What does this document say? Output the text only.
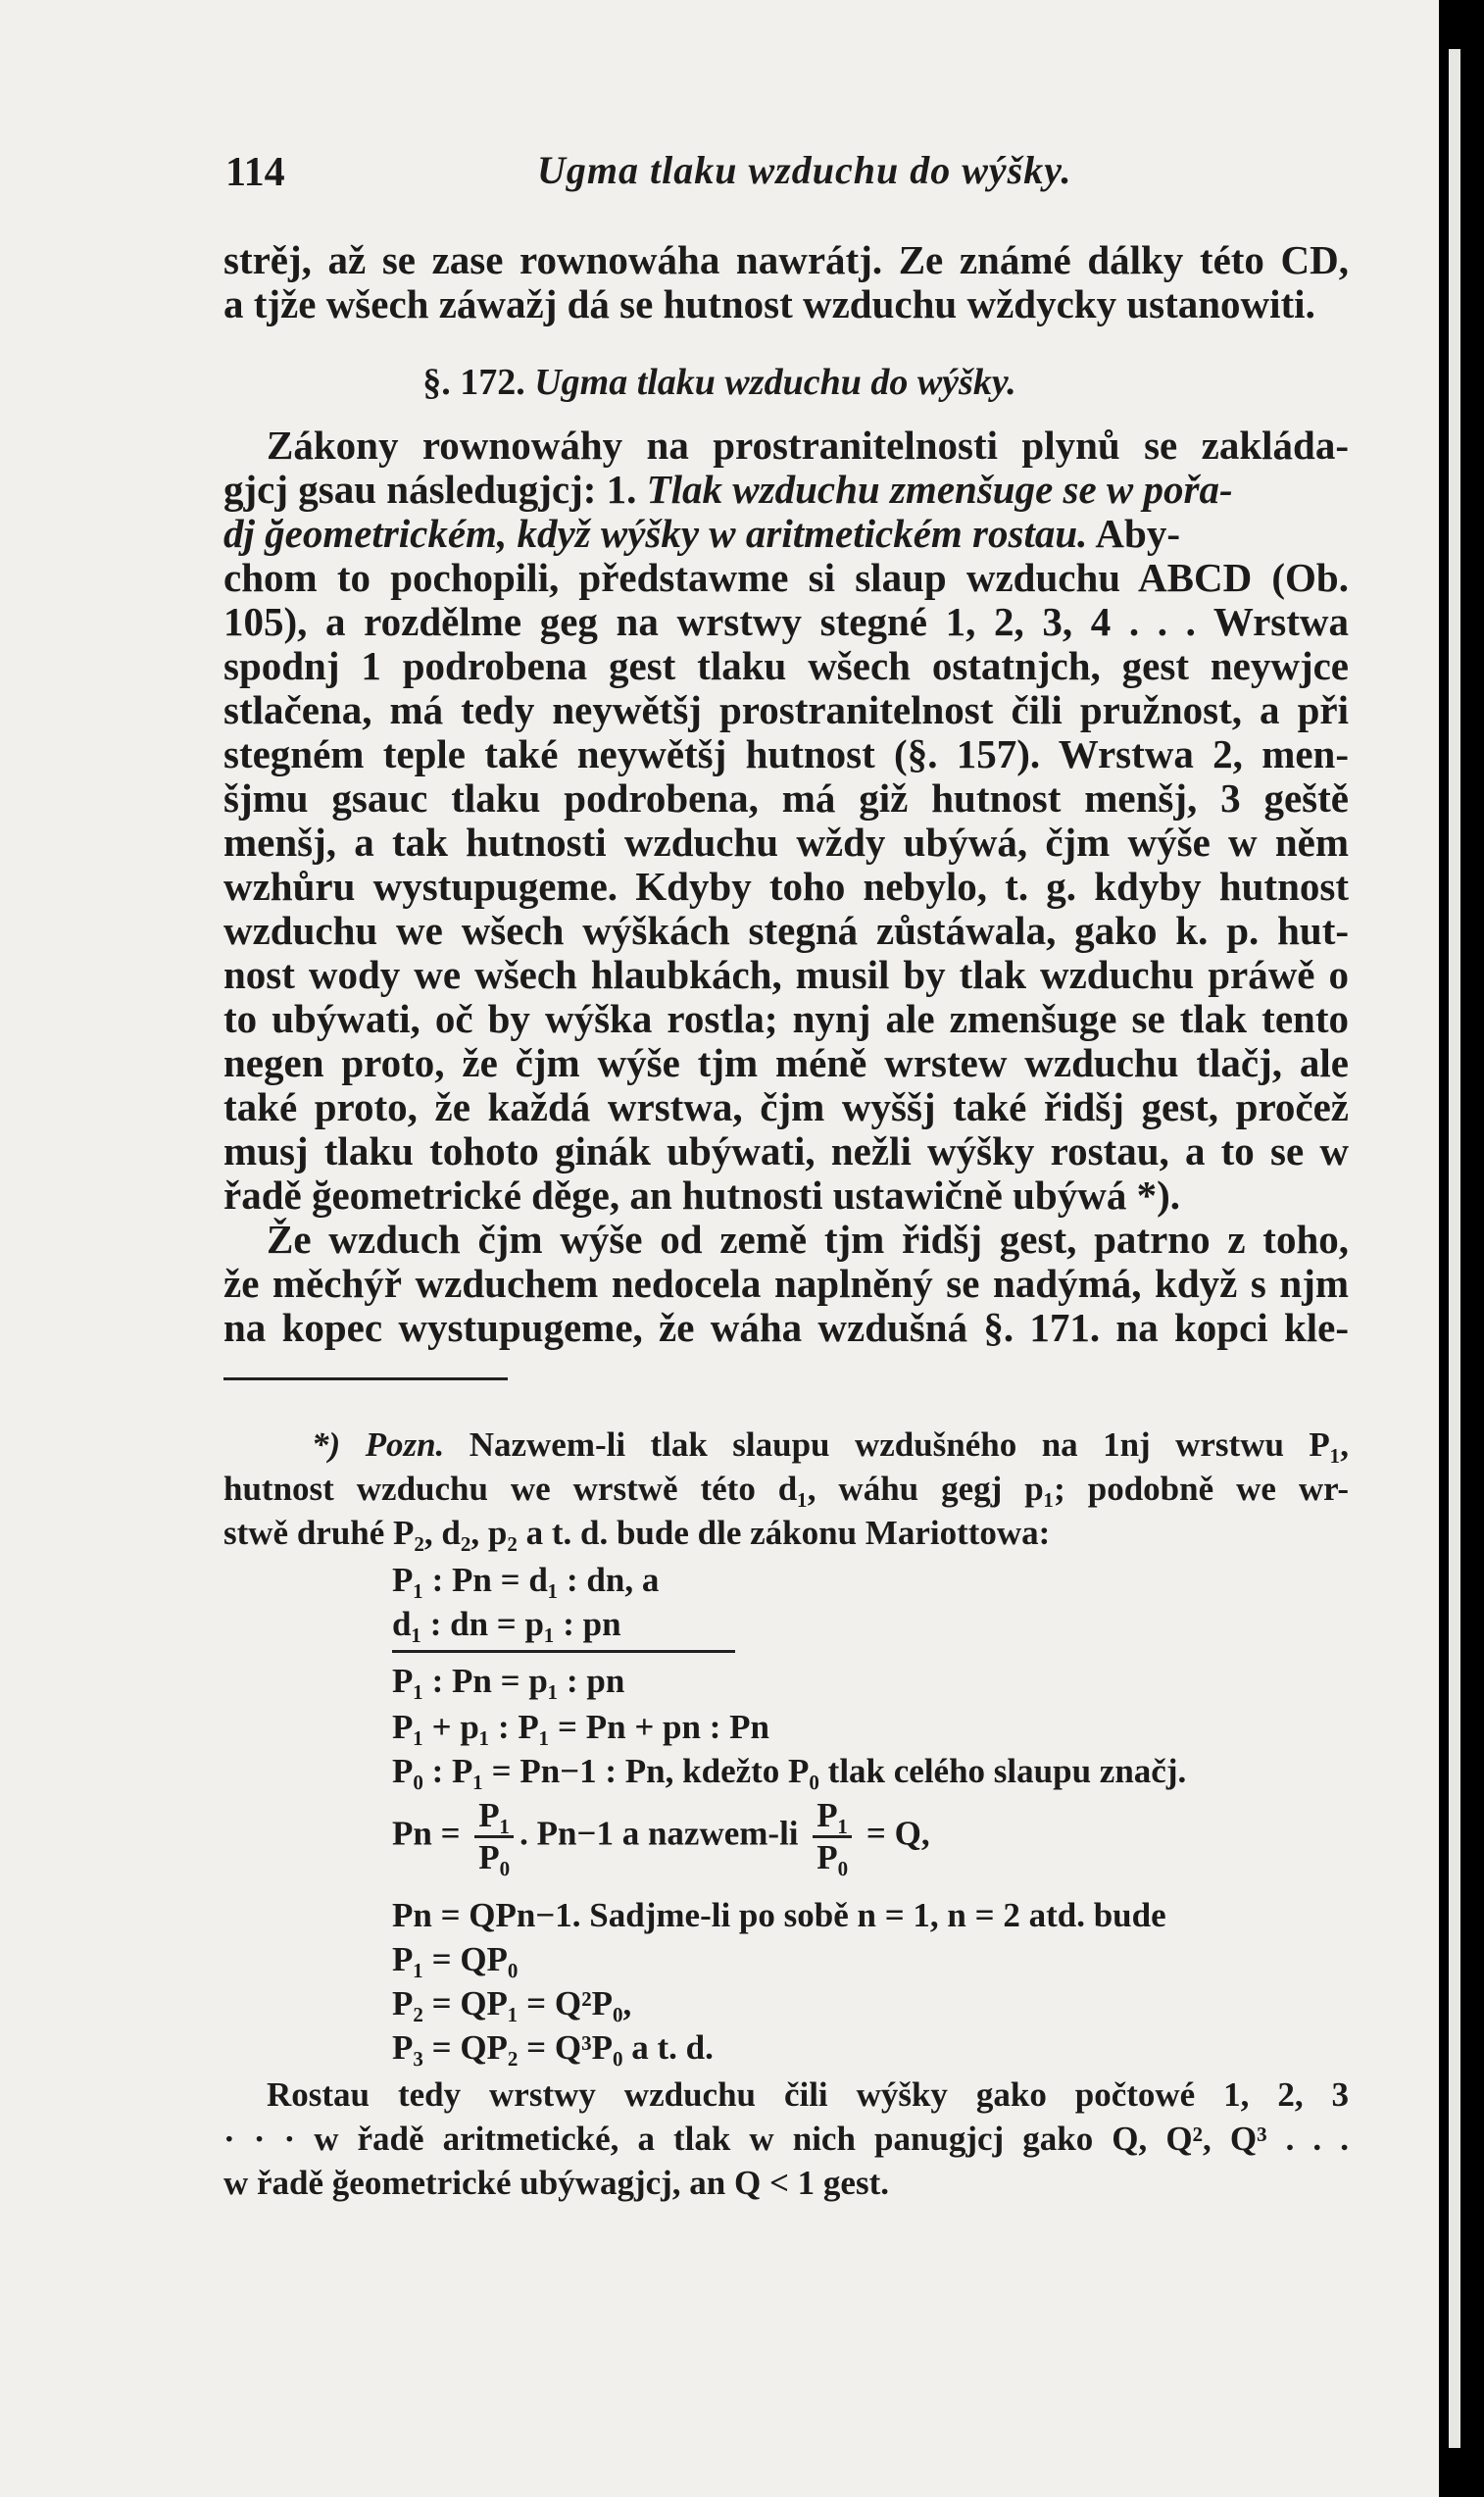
114	Ugma tlaku wzduchu do wýšky.
strěj, až se zase rownowáha nawrátj. Ze známé dálky této CD,
a tjže wšech záwažj dá se hutnost wzduchu wždycky ustanowiti.
§. 172. Ugma tlaku wzduchu do wýšky.
Zákony rownowáhy na prostranitelnosti plynů se zakláda-
gjcj gsau následugjcj: 1. Tlak wzduchu zmenšuge se w pořa-
dj ğeometrickém, když wýšky w aritmetickém rostau. Aby-
chom to pochopili, předstawme si slaup wzduchu ABCD (Ob.
105), a rozdělme geg na wrstwy stegné 1, 2, 3, 4 . . . Wrstwa
spodnj 1 podrobena gest tlaku wšech ostatnjch, gest neywjce
stlačena, má tedy neywětšj prostranitelnost čili pružnost, a při
stegném teple také neywětšj hutnost (§. 157). Wrstwa 2, men-
šjmu gsauc tlaku podrobena, má giž hutnost menšj, 3 geště
menšj, a tak hutnosti wzduchu wždy ubýwá, čjm wýše w něm
wzhůru wystupugeme. Kdyby toho nebylo, t. g. kdyby hutnost
wzduchu we wšech wýškách stegná zůstáwala, gako k. p. hut-
nost wody we wšech hlaubkách, musil by tlak wzduchu práwě o
to ubýwati, oč by wýška rostla; nynj ale zmenšuge se tlak tento
negen proto, že čjm wýše tjm méně wrstew wzduchu tlačj, ale
také proto, že každá wrstwa, čjm wyššj také řidšj gest, pročež
musj tlaku tohoto ginák ubýwati, nežli wýšky rostau, a to se w
řadě ğeometrické děge, an hutnosti ustawičně ubýwá *).
Že wzduch čjm wýše od země tjm řidšj gest, patrno z toho,
že měchýř wzduchem nedocela naplněný se nadýmá, když s njm
na kopec wystupugeme, že wáha wzdušná §. 171. na kopci kle-
*) Pozn. Nazwem-li tlak slaupu wzdušného na 1nj wrstwu P₁,
hutnost wzduchu we wrstwě této d₁, wáhu gegj p₁; podobně we wr-
stwě druhé P₂, d₂, p₂ a t. d. bude dle zákonu Mariottowa:
P₁ : Pn = d₁ : dn, a
d₁ : dn = p₁ : pn
P₁ : Pn = p₁ : pn
P₁ + p₁ : P₁ = Pn + pn : Pn
P₀ : P₁ = Pn−1 : Pn, kdežto P₀ tlak celého slaupu značj.
$Pn = \frac{\text{P₁}}{\text{P₀}}$ . Pn−1 a nazwem-li $\frac{\text{P₁}}{\text{P₀}} = Q$,
Pn = QPn−1. Sadjme-li po sobě n = 1, n = 2 atd. bude
P₁ = QP₀
P₂ = QP₁ = Q²P₀,
P₃ = QP₂ = Q³P₀ a t. d.
Rostau tedy wrstwy wzduchu čili wýšky gako počtowé 1, 2, 3
· · · w řadě aritmetické, a tlak w nich panugjcj gako Q, Q², Q³ . . .
w řadě ğeometrické ubýwagjcj, an Q < 1 gest.
